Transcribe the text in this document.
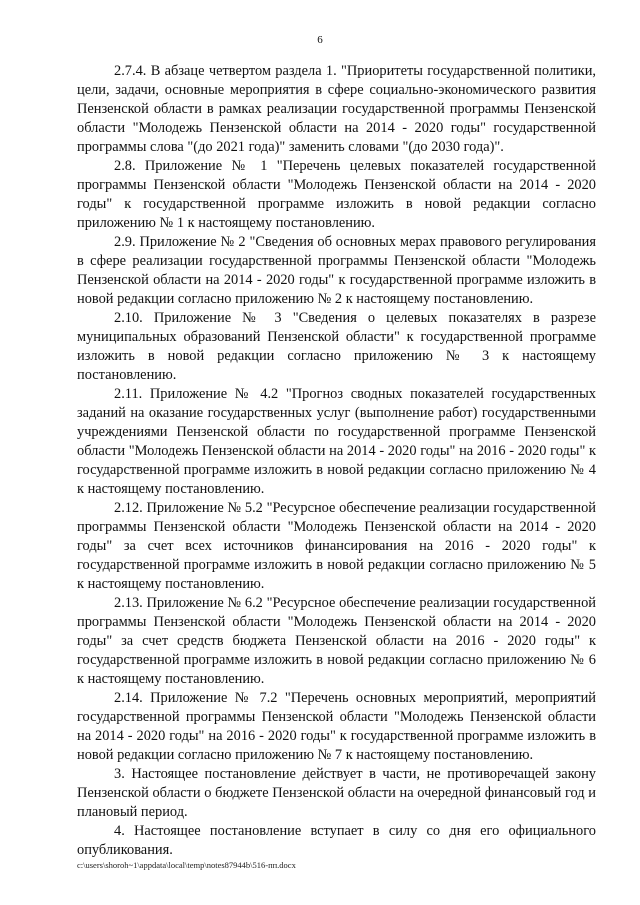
6

2.7.4. В абзаце четвертом раздела 1. "Приоритеты государственной политики, цели, задачи, основные мероприятия в сфере социально-экономического развития Пензенской области в рамках реализации государственной программы Пензенской области "Молодежь Пензенской области на 2014 - 2020 годы" государственной программы слова "(до 2021 года)" заменить словами "(до 2030 года)".

2.8. Приложение № 1 "Перечень целевых показателей государственной программы Пензенской области "Молодежь Пензенской области на 2014 - 2020 годы" к государственной программе изложить в новой редакции согласно приложению № 1 к настоящему постановлению.

2.9. Приложение № 2 "Сведения об основных мерах правового регулирования в сфере реализации государственной программы Пензенской области "Молодежь Пензенской области на 2014 - 2020 годы" к государственной программе изложить в новой редакции согласно приложению № 2 к настоящему постановлению.

2.10. Приложение № 3 "Сведения о целевых показателях в разрезе муниципальных образований Пензенской области" к государственной программе изложить в новой редакции согласно приложению № 3 к настоящему постановлению.

2.11. Приложение № 4.2 "Прогноз сводных показателей государственных заданий на оказание государственных услуг (выполнение работ) государственными учреждениями Пензенской области по государственной программе Пензенской области "Молодежь Пензенской области на 2014 - 2020 годы" на 2016 - 2020 годы" к государственной программе изложить в новой редакции согласно приложению № 4 к настоящему постановлению.

2.12. Приложение № 5.2 "Ресурсное обеспечение реализации государственной программы Пензенской области "Молодежь Пензенской области на 2014 - 2020 годы" за счет всех источников финансирования на 2016 - 2020 годы" к государственной программе изложить в новой редакции согласно приложению № 5 к настоящему постановлению.

2.13. Приложение № 6.2 "Ресурсное обеспечение реализации государственной программы Пензенской области "Молодежь Пензенской области на 2014 - 2020 годы" за счет средств бюджета Пензенской области на 2016 - 2020 годы" к государственной программе изложить в новой редакции согласно приложению № 6 к настоящему постановлению.

2.14. Приложение № 7.2 "Перечень основных мероприятий, мероприятий государственной программы Пензенской области "Молодежь Пензенской области на 2014 - 2020 годы" на 2016 - 2020 годы" к государственной программе изложить в новой редакции согласно приложению № 7 к настоящему постановлению.

3. Настоящее постановление действует в части, не противоречащей закону Пензенской области о бюджете Пензенской области на очередной финансовый год и плановый период.

4. Настоящее постановление вступает в силу со дня его официального опубликования.

c:\users\shoroh~1\appdata\local\temp\notes87944b\516-пп.docx
